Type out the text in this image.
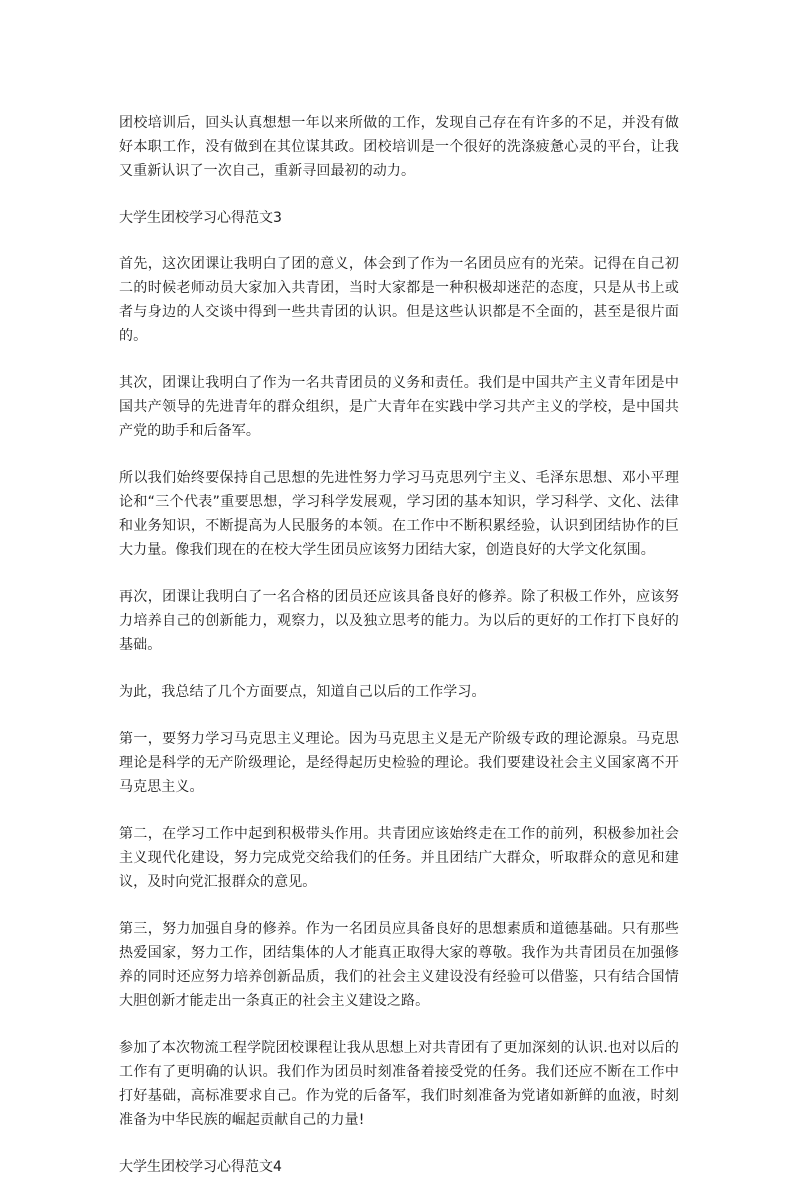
团校培训后，回头认真想想一年以来所做的工作，发现自己存在有许多的不足，并没有做好本职工作，没有做到在其位谋其政。团校培训是一个很好的洗涤疲惫心灵的平台，让我又重新认识了一次自己，重新寻回最初的动力。

大学生团校学习心得范文3

首先，这次团课让我明白了团的意义，体会到了作为一名团员应有的光荣。记得在自己初二的时候老师动员大家加入共青团，当时大家都是一种积极却迷茫的态度，只是从书上或者与身边的人交谈中得到一些共青团的认识。但是这些认识都是不全面的，甚至是很片面的。

其次，团课让我明白了作为一名共青团员的义务和责任。我们是中国共产主义青年团是中国共产领导的先进青年的群众组织，是广大青年在实践中学习共产主义的学校，是中国共产党的助手和后备军。

所以我们始终要保持自己思想的先进性努力学习马克思列宁主义、毛泽东思想、邓小平理论和“三个代表”重要思想，学习科学发展观，学习团的基本知识，学习科学、文化、法律和业务知识，不断提高为人民服务的本领。在工作中不断积累经验，认识到团结协作的巨大力量。像我们现在的在校大学生团员应该努力团结大家，创造良好的大学文化氛围。

再次，团课让我明白了一名合格的团员还应该具备良好的修养。除了积极工作外，应该努力培养自己的创新能力，观察力，以及独立思考的能力。为以后的更好的工作打下良好的基础。

为此，我总结了几个方面要点，知道自己以后的工作学习。

第一，要努力学习马克思主义理论。因为马克思主义是无产阶级专政的理论源泉。马克思理论是科学的无产阶级理论，是经得起历史检验的理论。我们要建设社会主义国家离不开马克思主义。

第二，在学习工作中起到积极带头作用。共青团应该始终走在工作的前列，积极参加社会主义现代化建设，努力完成党交给我们的任务。并且团结广大群众，听取群众的意见和建议，及时向党汇报群众的意见。

第三，努力加强自身的修养。作为一名团员应具备良好的思想素质和道德基础。只有那些热爱国家，努力工作，团结集体的人才能真正取得大家的尊敬。我作为共青团员在加强修养的同时还应努力培养创新品质，我们的社会主义建设没有经验可以借鉴，只有结合国情大胆创新才能走出一条真正的社会主义建设之路。

参加了本次物流工程学院团校课程让我从思想上对共青团有了更加深刻的认识.也对以后的工作有了更明确的认识。我们作为团员时刻准备着接受党的任务。我们还应不断在工作中打好基础，高标准要求自己。作为党的后备军，我们时刻准备为党诸如新鲜的血液，时刻准备为中华民族的崛起贡献自己的力量!

大学生团校学习心得范文4
